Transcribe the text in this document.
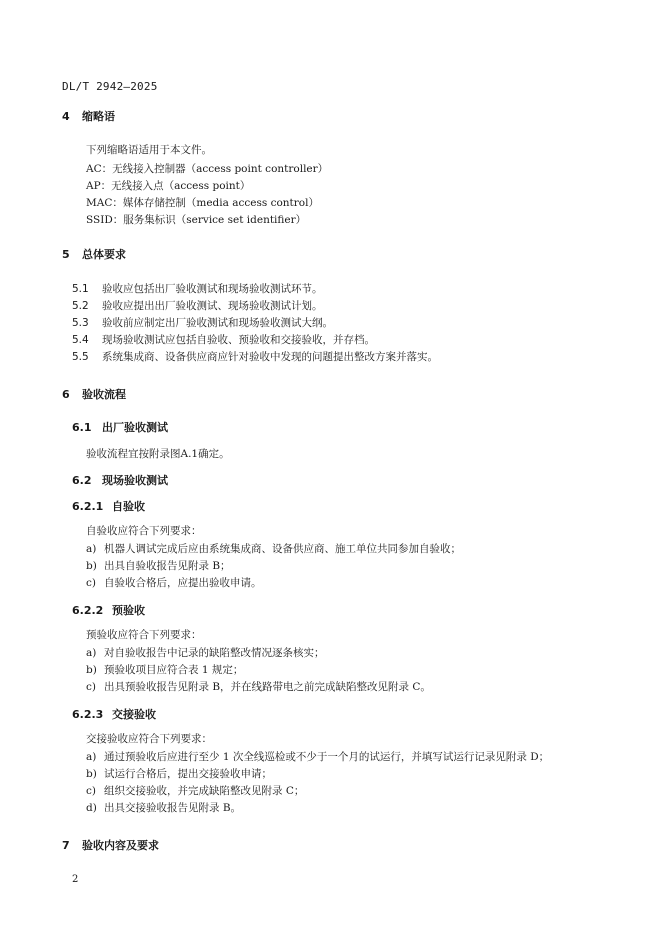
DL/T 2942—2025
4 缩略语
下列缩略语适用于本文件。
AC：无线接入控制器（access point controller）
AP：无线接入点（access point）
MAC：媒体存储控制（media access control）
SSID：服务集标识（service set identifier）
5 总体要求
5.1 验收应包括出厂验收测试和现场验收测试环节。
5.2 验收应提出出厂验收测试、现场验收测试计划。
5.3 验收前应制定出厂验收测试和现场验收测试大纲。
5.4 现场验收测试应包括自验收、预验收和交接验收，并存档。
5.5 系统集成商、设备供应商应针对验收中发现的问题提出整改方案并落实。
6 验收流程
6.1 出厂验收测试
验收流程宜按附录图A.1确定。
6.2 现场验收测试
6.2.1 自验收
自验收应符合下列要求：
a) 机器人调试完成后应由系统集成商、设备供应商、施工单位共同参加自验收；
b) 出具自验收报告见附录 B；
c) 自验收合格后，应提出验收申请。
6.2.2 预验收
预验收应符合下列要求：
a) 对自验收报告中记录的缺陷整改情况逐条核实；
b) 预验收项目应符合表 1 规定；
c) 出具预验收报告见附录 B，并在线路带电之前完成缺陷整改见附录 C。
6.2.3 交接验收
交接验收应符合下列要求：
a) 通过预验收后应进行至少 1 次全线巡检或不少于一个月的试运行，并填写试运行记录见附录 D；
b) 试运行合格后，提出交接验收申请；
c) 组织交接验收，并完成缺陷整改见附录 C；
d) 出具交接验收报告见附录 B。
7 验收内容及要求
2
